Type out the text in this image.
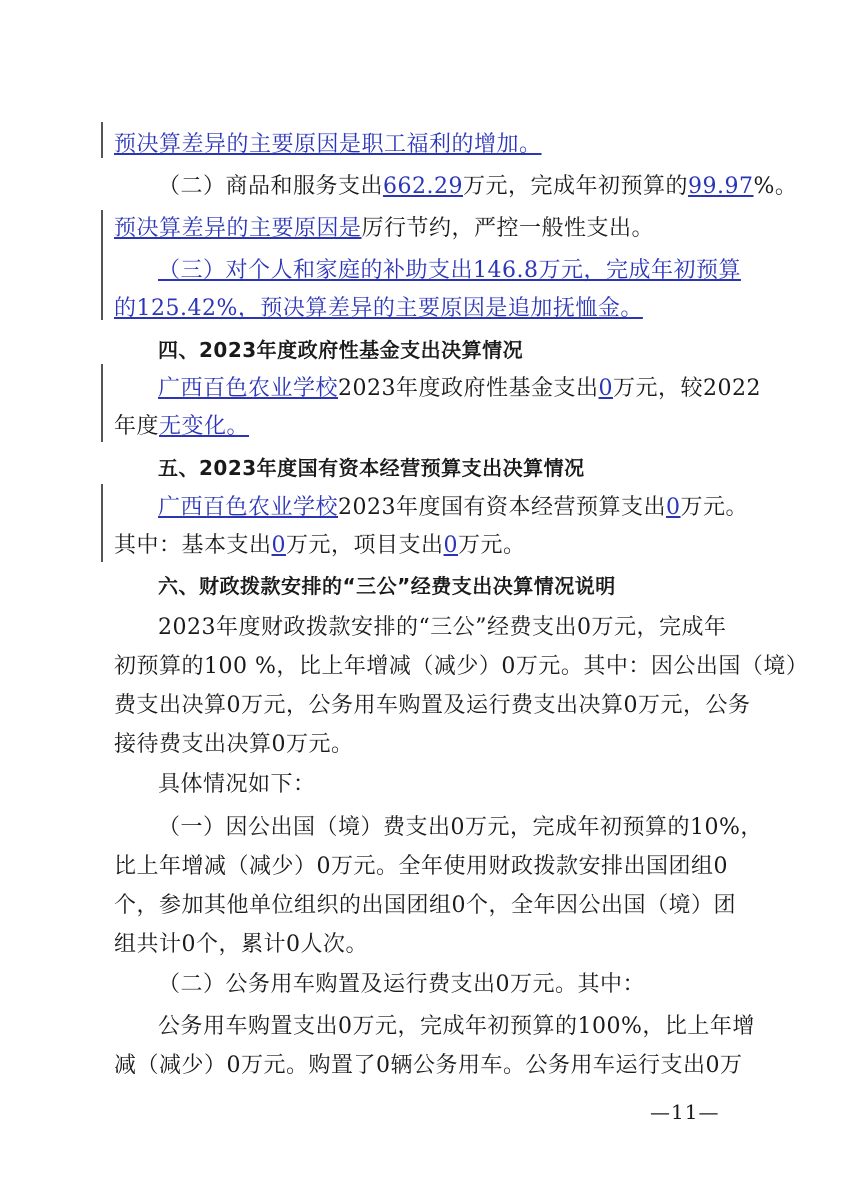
预决算差异的主要原因是职工福利的增加。
（二）商品和服务支出662.29万元，完成年初预算的99.97%。
预决算差异的主要原因是厉行节约，严控一般性支出。
（三）对个人和家庭的补助支出146.8万元，完成年初预算
的125.42%，预决算差异的主要原因是追加抚恤金。
四、2023年度政府性基金支出决算情况
广西百色农业学校2023年度政府性基金支出0万元，较2022
年度无变化。
五、2023年度国有资本经营预算支出决算情况
广西百色农业学校2023年度国有资本经营预算支出0万元。
其中：基本支出0万元，项目支出0万元。
六、财政拨款安排的“三公”经费支出决算情况说明
2023年度财政拨款安排的“三公”经费支出0万元，完成年
初预算的100 %，比上年增减（减少）0万元。其中：因公出国（境）
费支出决算0万元，公务用车购置及运行费支出决算0万元，公务
接待费支出决算0万元。
具体情况如下：
（一）因公出国（境）费支出0万元，完成年初预算的10%，
比上年增减（减少）0万元。全年使用财政拨款安排出国团组0
个，参加其他单位组织的出国团组0个，全年因公出国（境）团
组共计0个，累计0人次。
（二）公务用车购置及运行费支出0万元。其中：
公务用车购置支出0万元，完成年初预算的100%，比上年增
减（减少）0万元。购置了0辆公务用车。公务用车运行支出0万
—11—
